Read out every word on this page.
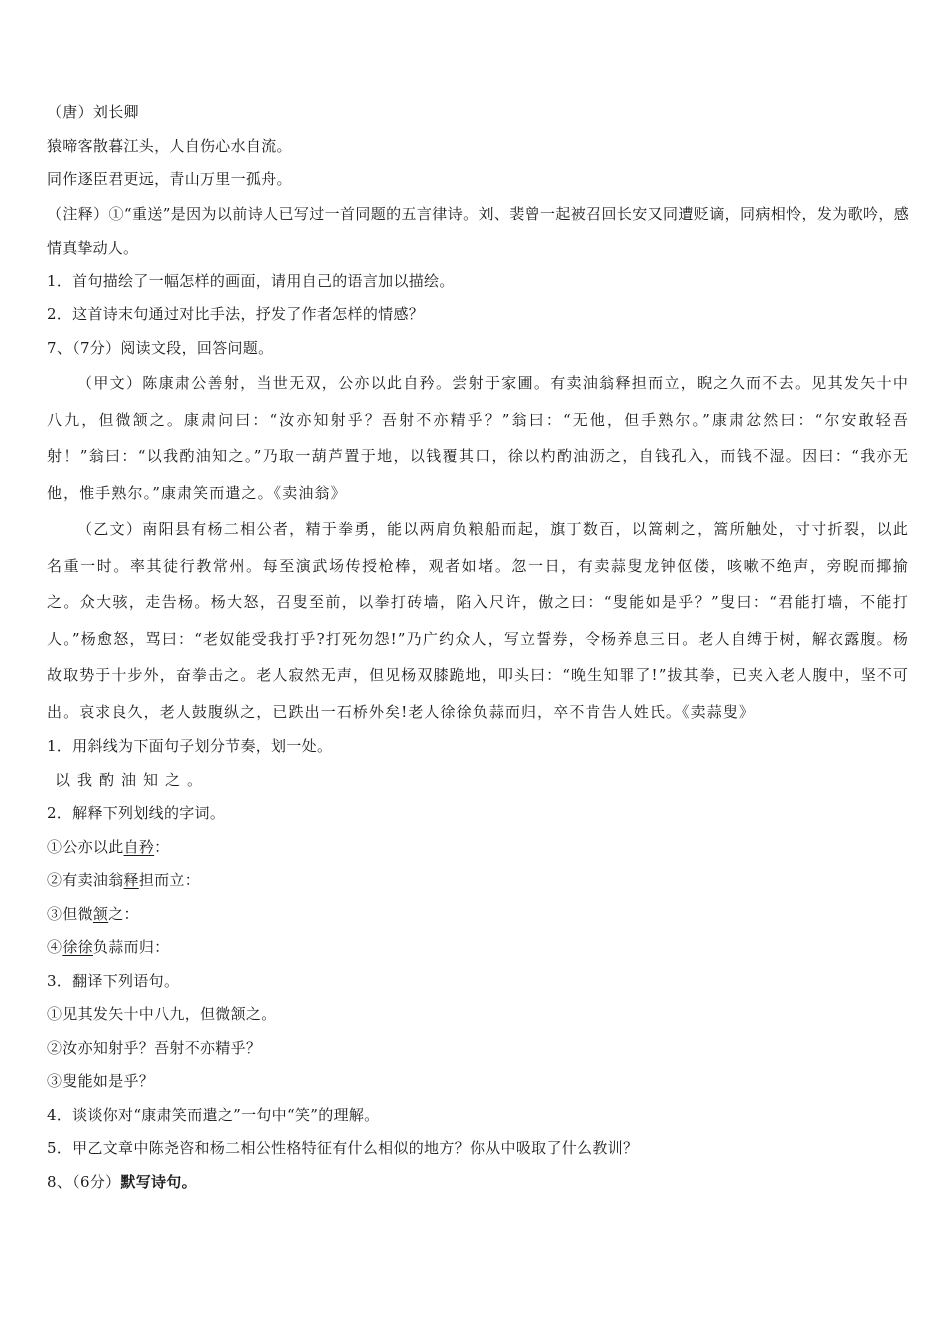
（唐）刘长卿
猿啼客散暮江头，人自伤心水自流。
同作逐臣君更远，青山万里一孤舟。
（注释）①“重送”是因为以前诗人已写过一首同题的五言律诗。刘、裴曾一起被召回长安又同遭贬谪，同病相怜，发为歌吟，感情真挚动人。
1．首句描绘了一幅怎样的画面，请用自己的语言加以描绘。
2．这首诗末句通过对比手法，抒发了作者怎样的情感？
7、（7分）阅读文段，回答问题。
（甲文）陈康肃公善射，当世无双，公亦以此自矜。尝射于家圃。有卖油翁释担而立，睨之久而不去。见其发矢十中八九，但微颔之。康肃问曰：“汝亦知射乎？吾射不亦精乎？”翁曰：“无他，但手熟尔。”康肃忿然曰：“尔安敢轻吾射！”翁曰：“以我酌油知之。”乃取一葫芦置于地，以钱覆其口，徐以杓酌油沥之，自钱孔入，而钱不湿。因曰：“我亦无他，惟手熟尔。”康肃笑而遣之。《卖油翁》
（乙文）南阳县有杨二相公者，精于拳勇，能以两肩负粮船而起，旗丁数百，以篙刺之，篙所触处，寸寸折裂，以此名重一时。率其徒行教常州。每至演武场传授枪棒，观者如堵。忽一日，有卖蒜叟龙钟伛偻，咳嗽不绝声，旁睨而揶揄之。众大骇，走告杨。杨大怒，召叟至前，以拳打砖墙，陷入尺许，傲之曰：“叟能如是乎？”叟曰：“君能打墙，不能打人。”杨愈怒，骂曰：“老奴能受我打乎?打死勿怨!”乃广约众人，写立誓券，令杨养息三日。老人自缚于树，解衣露腹。杨故取势于十步外，奋拳击之。老人寂然无声，但见杨双膝跪地，叩头曰：“晚生知罪了!”拔其拳，已夹入老人腹中，坚不可出。哀求良久，老人鼓腹纵之，已跌出一石桥外矣!老人徐徐负蒜而归，卒不肯告人姓氏。《卖蒜叟》
1．用斜线为下面句子划分节奏，划一处。
以我酌油知之。
2．解释下列划线的字词。
①公亦以此自矜：
②有卖油翁释担而立：
③但微颔之：
④徐徐负蒜而归：
3．翻译下列语句。
①见其发矢十中八九，但微颔之。
②汝亦知射乎？吾射不亦精乎？
③叟能如是乎？
4．谈谈你对“康肃笑而遣之”一句中“笑”的理解。
5．甲乙文章中陈尧咨和杨二相公性格特征有什么相似的地方？你从中吸取了什么教训？
8、（6分）默写诗句。
